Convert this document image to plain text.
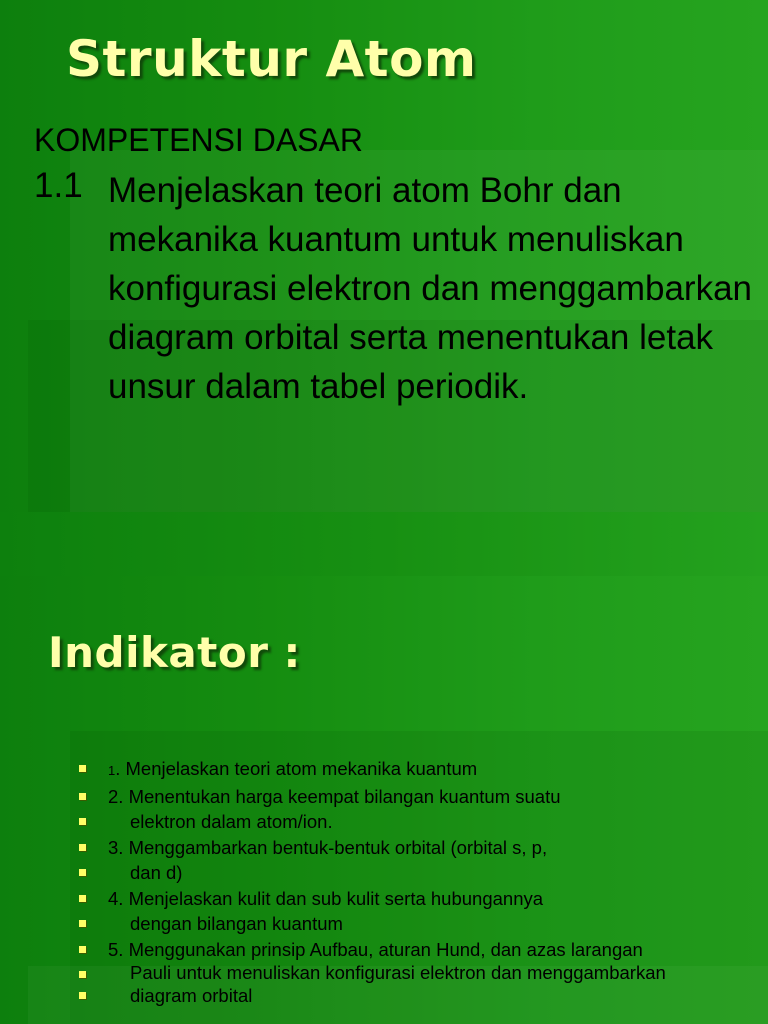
Struktur Atom

KOMPETENSI DASAR

1.1 Menjelaskan teori atom Bohr dan mekanika kuantum untuk menuliskan konfigurasi elektron dan menggambarkan diagram orbital serta menentukan letak unsur dalam tabel periodik.

Indikator :
1. Menjelaskan teori atom mekanika kuantum
2. Menentukan harga keempat bilangan kuantum suatu
elektron dalam atom/ion.
3. Menggambarkan bentuk-bentuk orbital (orbital s, p,
dan d)
4. Menjelaskan kulit dan sub kulit serta hubungannya
dengan bilangan kuantum
5. Menggunakan prinsip Aufbau, aturan Hund, dan azas larangan
Pauli untuk menuliskan konfigurasi elektron dan menggambarkan
diagram orbital
